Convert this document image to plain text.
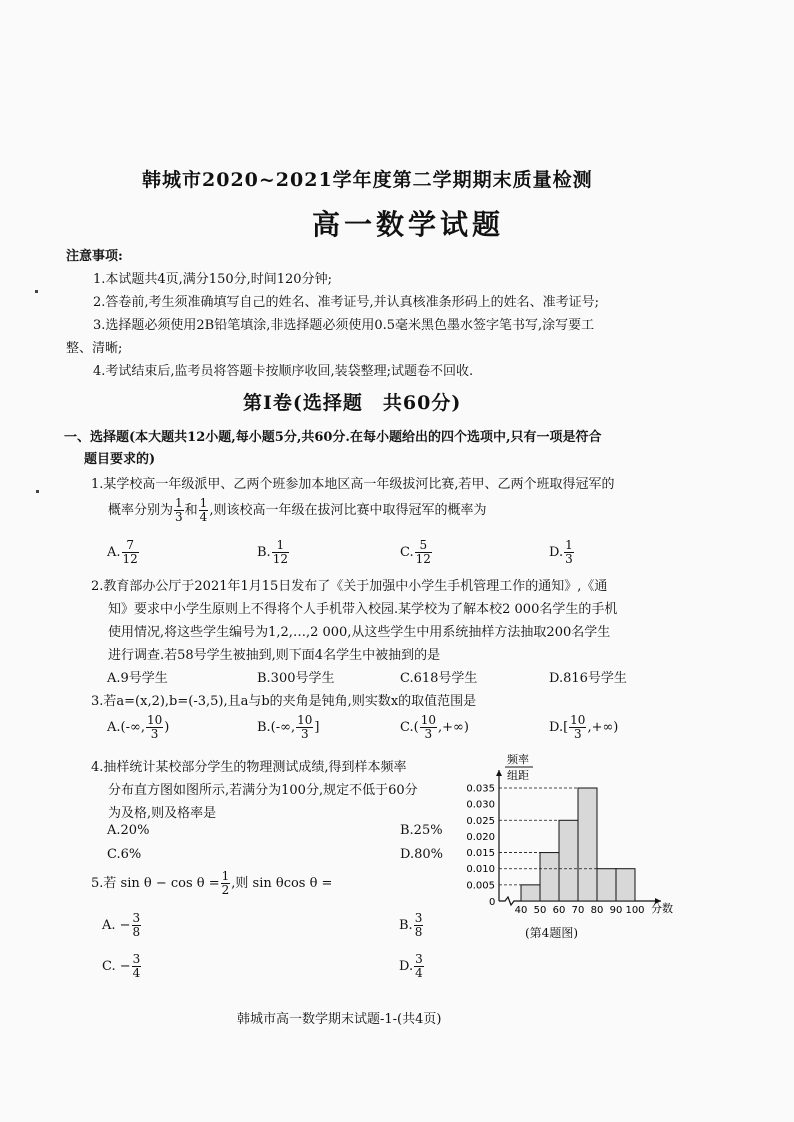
韩城市2020~2021学年度第二学期期末质量检测
高一数学试题
注意事项:
1.本试题共4页,满分150分,时间120分钟;
2.答卷前,考生须准确填写自己的姓名、准考证号,并认真核准条形码上的姓名、准考证号;
3.选择题必须使用2B铅笔填涂,非选择题必须使用0.5毫米黑色墨水签字笔书写,涂写要工
整、清晰;
4.考试结束后,监考员将答题卡按顺序收回,装袋整理;试题卷不回收.
第Ⅰ卷(选择题　共60分)
一、选择题(本大题共12小题,每小题5分,共60分.在每小题给出的四个选项中,只有一项是符合
题目要求的)
1.某学校高一年级派甲、乙两个班参加本地区高一年级拔河比赛,若甲、乙两个班取得冠军的
概率分别为 $\frac{1}{3}$ 和 $\frac{1}{4}$ ,则该校高一年级在拔河比赛中取得冠军的概率为
A. $\frac{7}{12}$	B. $\frac{1}{12}$	C. $\frac{5}{12}$	D. $\frac{1}{3}$
2.教育部办公厅于2021年1月15日发布了《关于加强中小学生手机管理工作的通知》,《通
知》要求中小学生原则上不得将个人手机带入校园.某学校为了解本校2 000名学生的手机
使用情况,将这些学生编号为1,2,…,2 000,从这些学生中用系统抽样方法抽取200名学生
进行调查.若58号学生被抽到,则下面4名学生中被抽到的是
A.9号学生	B.300号学生	C.618号学生	D.816号学生
3.若a=(x,2),b=(-3,5),且a与b的夹角是钝角,则实数x的取值范围是
A.(-∞, $\frac{10}{3}$ )	B.(-∞, $\frac{10}{3}$ ]	$C.( \frac{10}{3}$ ,+∞)	$D.[ \frac{10}{3}$ ,+∞)
4.抽样统计某校部分学生的物理测试成绩,得到样本频率
分布直方图如图所示,若满分为100分,规定不低于60分
为及格,则及格率是
A.20%	B.25%
C.6%	D.80%
5.若 $\sin \theta - \cos \theta = \frac{1}{2}$ ,则 sin θcos θ =
A. − $\frac{3}{8}$	B. $\frac{3}{8}$
C. − $\frac{3}{4}$	D. $\frac{3}{4}$
频率
组距
分数
0
0.035
0.030
0.025
0.020
0.015
0.010
0.005
40 50 60 70 80 90 100
(第4题图)
韩城市高一数学期末试题-1-(共4页)
